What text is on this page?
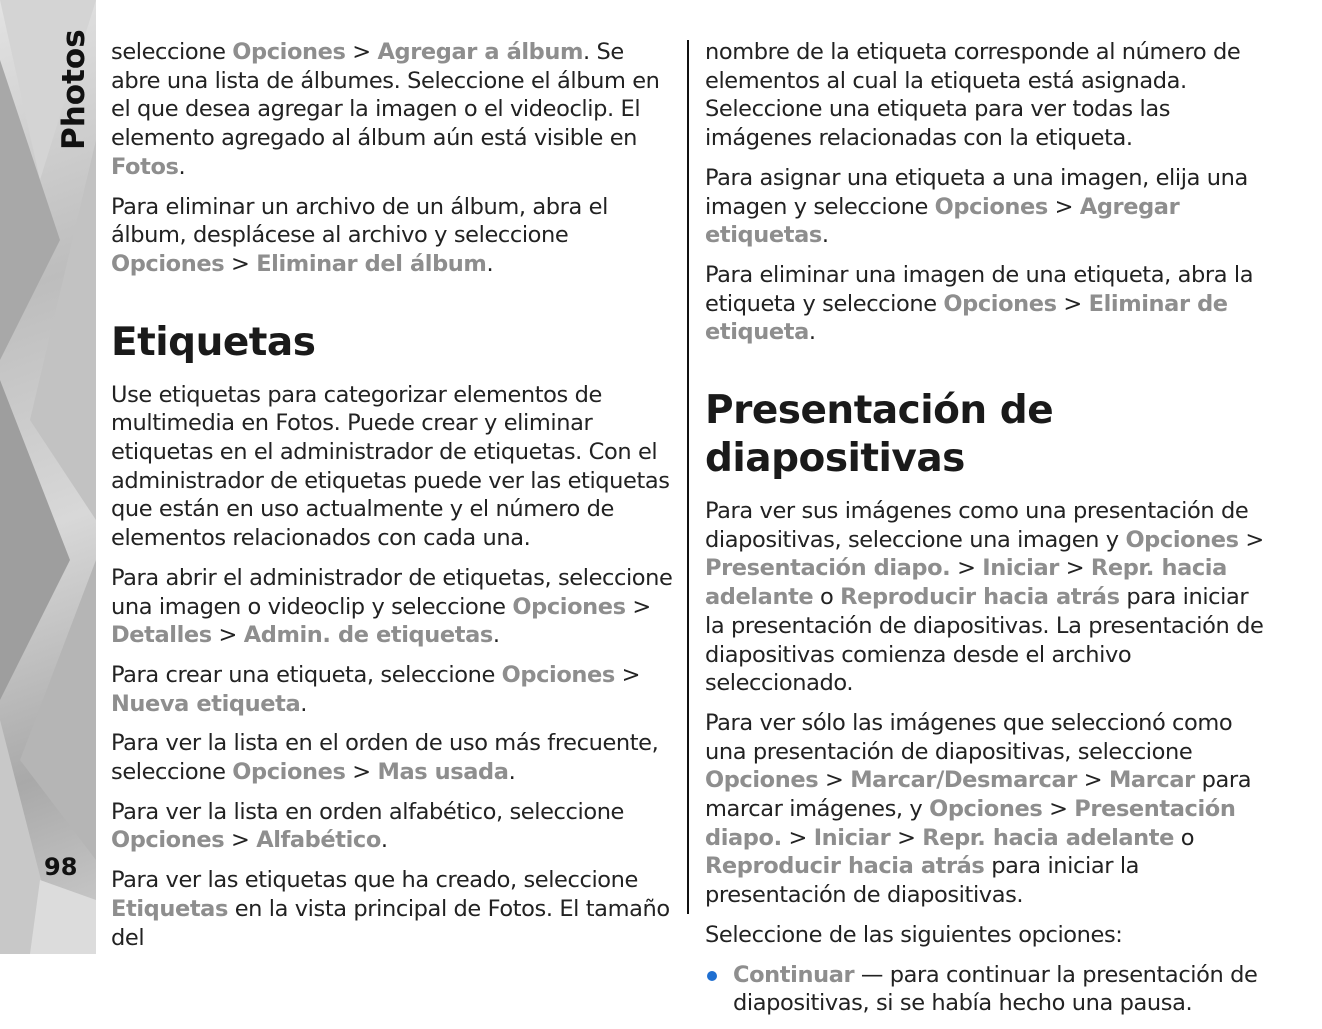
Photos
98

seleccione Opciones > Agregar a álbum. Se abre una lista de álbumes. Seleccione el álbum en el que desea agregar la imagen o el videoclip. El elemento agregado al álbum aún está visible en Fotos.

Para eliminar un archivo de un álbum, abra el álbum, desplácese al archivo y seleccione Opciones > Eliminar del álbum.

Etiquetas

Use etiquetas para categorizar elementos de multimedia en Fotos. Puede crear y eliminar etiquetas en el administrador de etiquetas. Con el administrador de etiquetas puede ver las etiquetas que están en uso actualmente y el número de elementos relacionados con cada una.

Para abrir el administrador de etiquetas, seleccione una imagen o videoclip y seleccione Opciones > Detalles > Admin. de etiquetas.

Para crear una etiqueta, seleccione Opciones > Nueva etiqueta.

Para ver la lista en el orden de uso más frecuente, seleccione Opciones > Mas usada.

Para ver la lista en orden alfabético, seleccione Opciones > Alfabético.

Para ver las etiquetas que ha creado, seleccione Etiquetas en la vista principal de Fotos. El tamaño del

nombre de la etiqueta corresponde al número de elementos al cual la etiqueta está asignada. Seleccione una etiqueta para ver todas las imágenes relacionadas con la etiqueta.

Para asignar una etiqueta a una imagen, elija una imagen y seleccione Opciones > Agregar etiquetas.

Para eliminar una imagen de una etiqueta, abra la etiqueta y seleccione Opciones > Eliminar de etiqueta.

Presentación de diapositivas

Para ver sus imágenes como una presentación de diapositivas, seleccione una imagen y Opciones > Presentación diapo. > Iniciar > Repr. hacia adelante o Reproducir hacia atrás para iniciar la presentación de diapositivas. La presentación de diapositivas comienza desde el archivo seleccionado.

Para ver sólo las imágenes que seleccionó como una presentación de diapositivas, seleccione Opciones > Marcar/Desmarcar > Marcar para marcar imágenes, y Opciones > Presentación diapo. > Iniciar > Repr. hacia adelante o Reproducir hacia atrás para iniciar la presentación de diapositivas.

Seleccione de las siguientes opciones:

Continuar — para continuar la presentación de diapositivas, si se había hecho una pausa.
